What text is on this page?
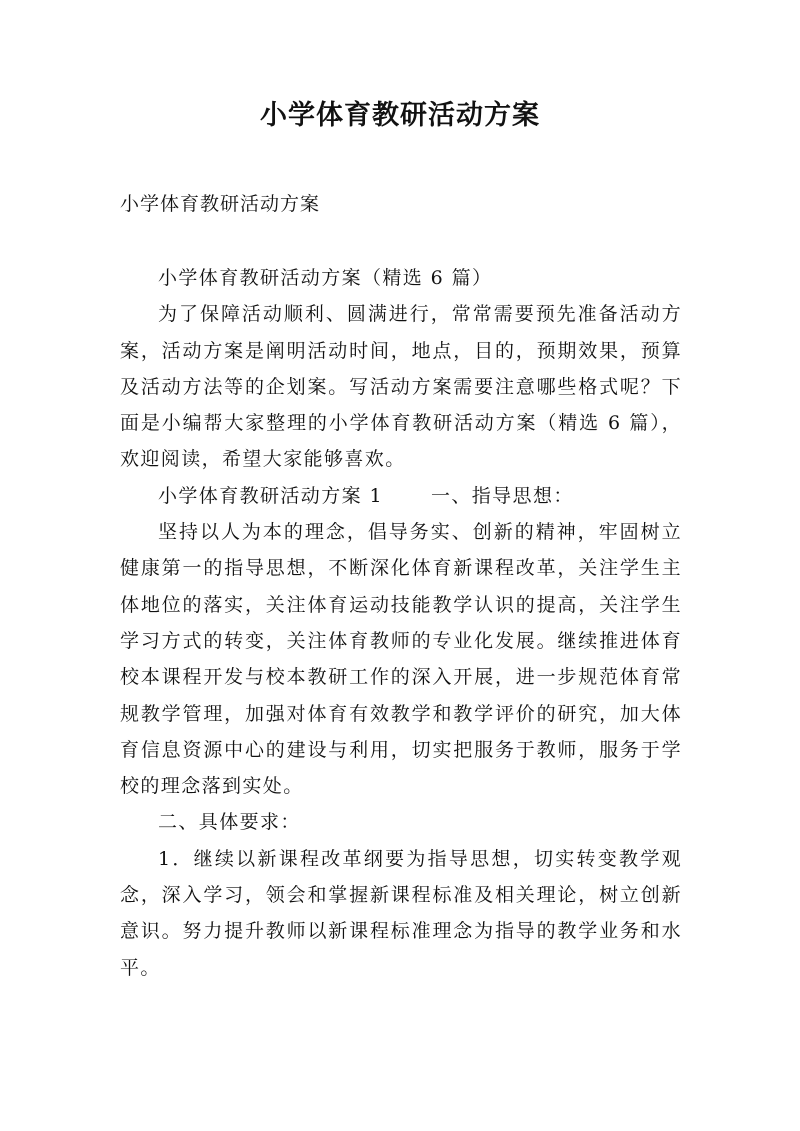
小学体育教研活动方案

小学体育教研活动方案

小学体育教研活动方案（精选 6 篇）

为了保障活动顺利、圆满进行，常常需要预先准备活动方案，活动方案是阐明活动时间，地点，目的，预期效果，预算及活动方法等的企划案。写活动方案需要注意哪些格式呢？下面是小编帮大家整理的小学体育教研活动方案（精选 6 篇），欢迎阅读，希望大家能够喜欢。

小学体育教研活动方案 1	一、指导思想：

坚持以人为本的理念，倡导务实、创新的精神，牢固树立健康第一的指导思想，不断深化体育新课程改革，关注学生主体地位的落实，关注体育运动技能教学认识的提高，关注学生学习方式的转变，关注体育教师的专业化发展。继续推进体育校本课程开发与校本教研工作的深入开展，进一步规范体育常规教学管理，加强对体育有效教学和教学评价的研究，加大体育信息资源中心的建设与利用，切实把服务于教师，服务于学校的理念落到实处。

二、具体要求：

1．继续以新课程改革纲要为指导思想，切实转变教学观念，深入学习，领会和掌握新课程标准及相关理论，树立创新意识。努力提升教师以新课程标准理念为指导的教学业务和水平。
